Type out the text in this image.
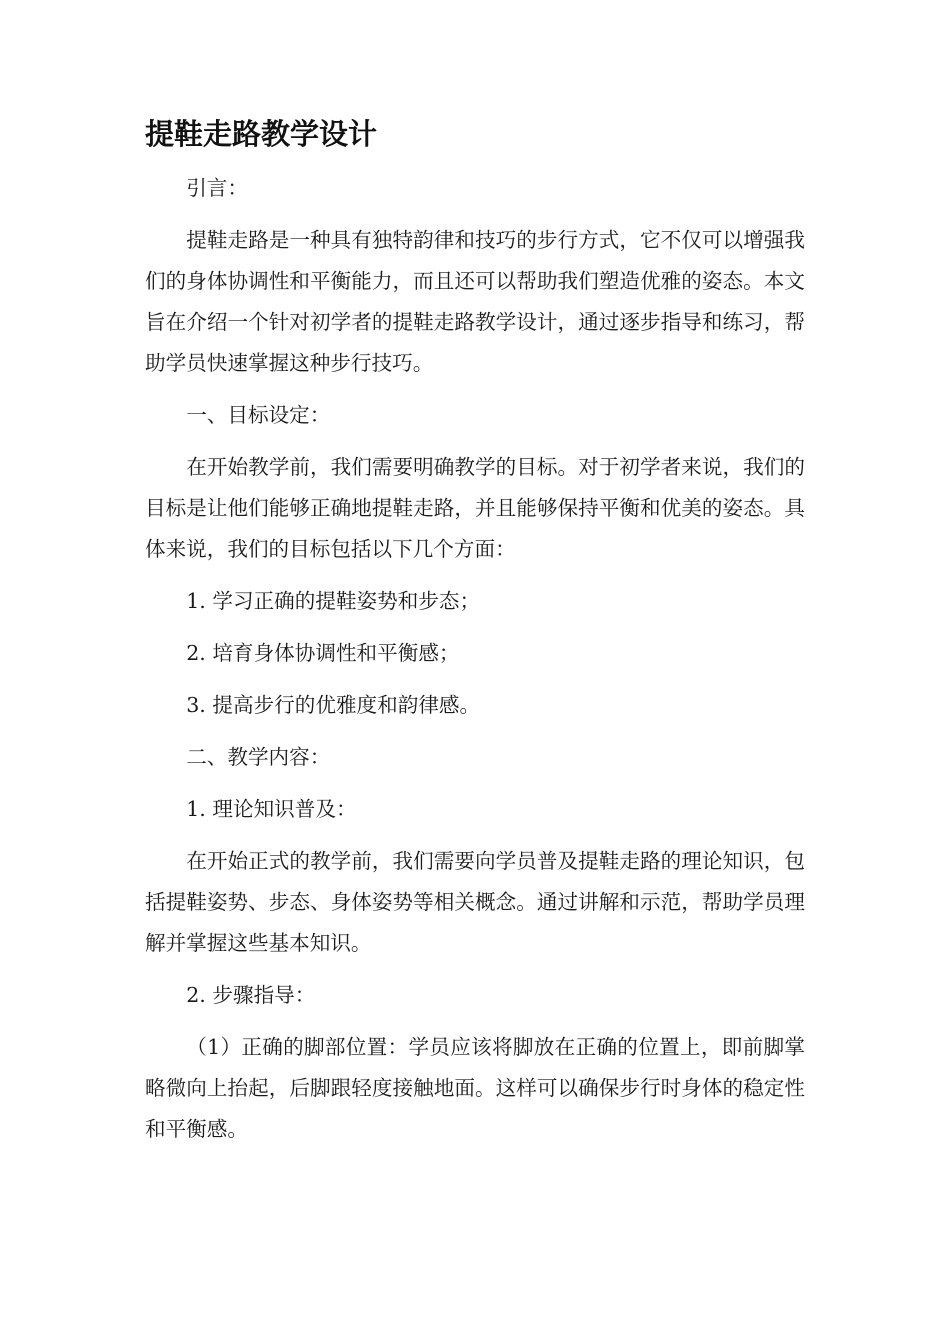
提鞋走路教学设计

引言：

提鞋走路是一种具有独特韵律和技巧的步行方式，它不仅可以增强我们的身体协调性和平衡能力，而且还可以帮助我们塑造优雅的姿态。本文旨在介绍一个针对初学者的提鞋走路教学设计，通过逐步指导和练习，帮助学员快速掌握这种步行技巧。

一、目标设定：

在开始教学前，我们需要明确教学的目标。对于初学者来说，我们的目标是让他们能够正确地提鞋走路，并且能够保持平衡和优美的姿态。具体来说，我们的目标包括以下几个方面：

1. 学习正确的提鞋姿势和步态；

2. 培育身体协调性和平衡感；

3. 提高步行的优雅度和韵律感。

二、教学内容：

1. 理论知识普及：

在开始正式的教学前，我们需要向学员普及提鞋走路的理论知识，包括提鞋姿势、步态、身体姿势等相关概念。通过讲解和示范，帮助学员理解并掌握这些基本知识。

2. 步骤指导：

（1）正确的脚部位置：学员应该将脚放在正确的位置上，即前脚掌略微向上抬起，后脚跟轻度接触地面。这样可以确保步行时身体的稳定性和平衡感。
